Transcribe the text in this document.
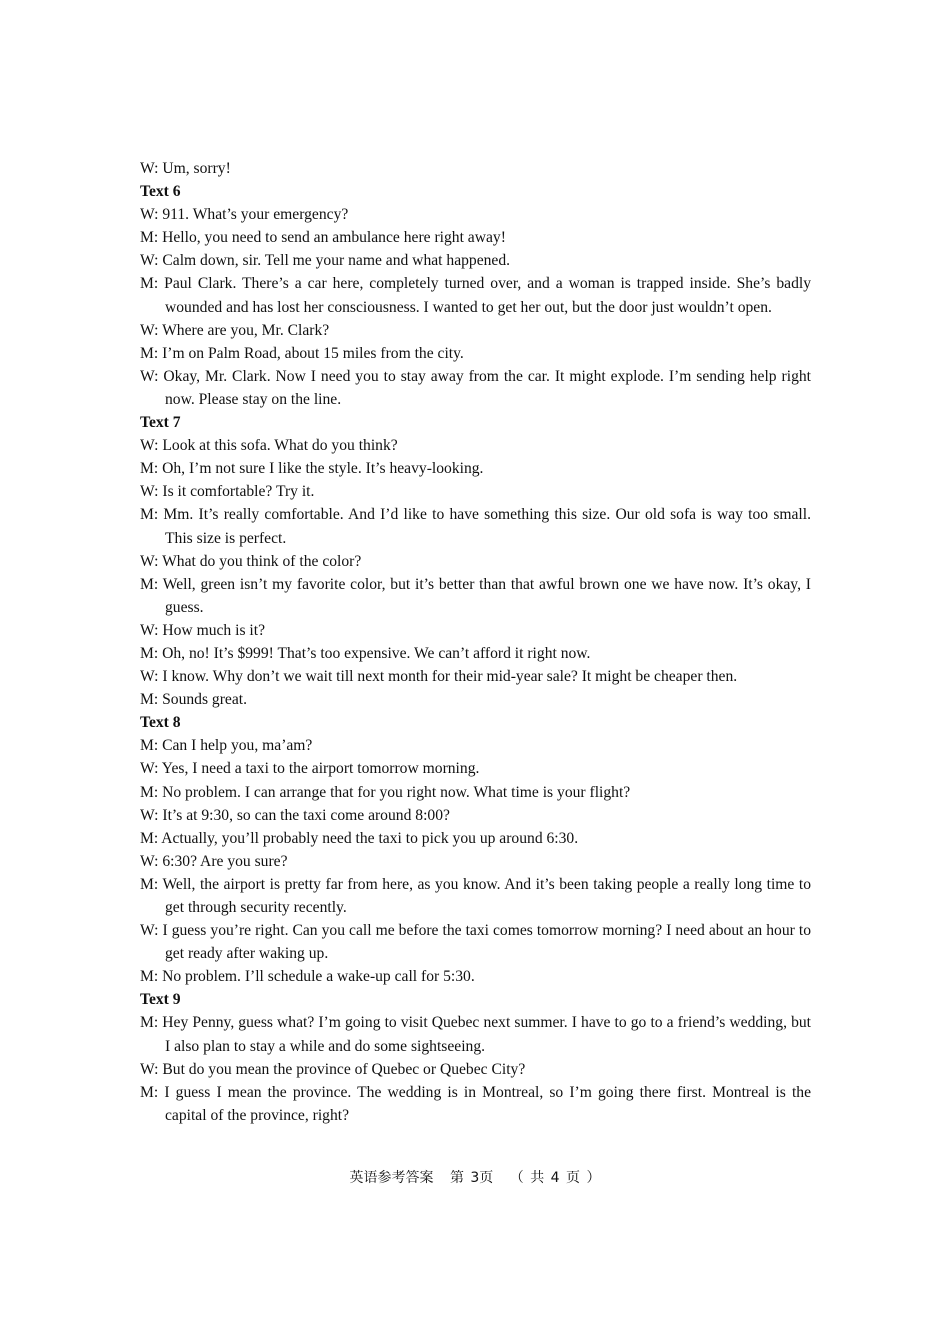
W: Um, sorry!

Text 6

W: 911. What’s your emergency?

M: Hello, you need to send an ambulance here right away!

W: Calm down, sir. Tell me your name and what happened.

M: Paul Clark. There’s a car here, completely turned over, and a woman is trapped inside. She’s badly wounded and has lost her consciousness. I wanted to get her out, but the door just wouldn’t open.

W: Where are you, Mr. Clark?

M: I’m on Palm Road, about 15 miles from the city.

W: Okay, Mr. Clark. Now I need you to stay away from the car. It might explode. I’m sending help right now. Please stay on the line.

Text 7

W: Look at this sofa. What do you think?

M: Oh, I’m not sure I like the style. It’s heavy-looking.

W: Is it comfortable? Try it.

M: Mm. It’s really comfortable. And I’d like to have something this size. Our old sofa is way too small. This size is perfect.

W: What do you think of the color?

M: Well, green isn’t my favorite color, but it’s better than that awful brown one we have now. It’s okay, I guess.

W: How much is it?

M: Oh, no! It’s $999! That’s too expensive. We can’t afford it right now.

W: I know. Why don’t we wait till next month for their mid-year sale? It might be cheaper then.

M: Sounds great.

Text 8

M: Can I help you, ma’am?

W: Yes, I need a taxi to the airport tomorrow morning.

M: No problem. I can arrange that for you right now. What time is your flight?

W: It’s at 9:30, so can the taxi come around 8:00?

M: Actually, you’ll probably need the taxi to pick you up around 6:30.

W: 6:30? Are you sure?

M: Well, the airport is pretty far from here, as you know. And it’s been taking people a really long time to get through security recently.

W: I guess you’re right. Can you call me before the taxi comes tomorrow morning? I need about an hour to get ready after waking up.

M: No problem. I’ll schedule a wake-up call for 5:30.

Text 9

M: Hey Penny, guess what? I’m going to visit Quebec next summer. I have to go to a friend’s wedding, but I also plan to stay a while and do some sightseeing.

W: But do you mean the province of Quebec or Quebec City?

M: I guess I mean the province. The wedding is in Montreal, so I’m going there first. Montreal is the capital of the province, right?

英语参考答案 第 3页 （ 共 4 页 ）
